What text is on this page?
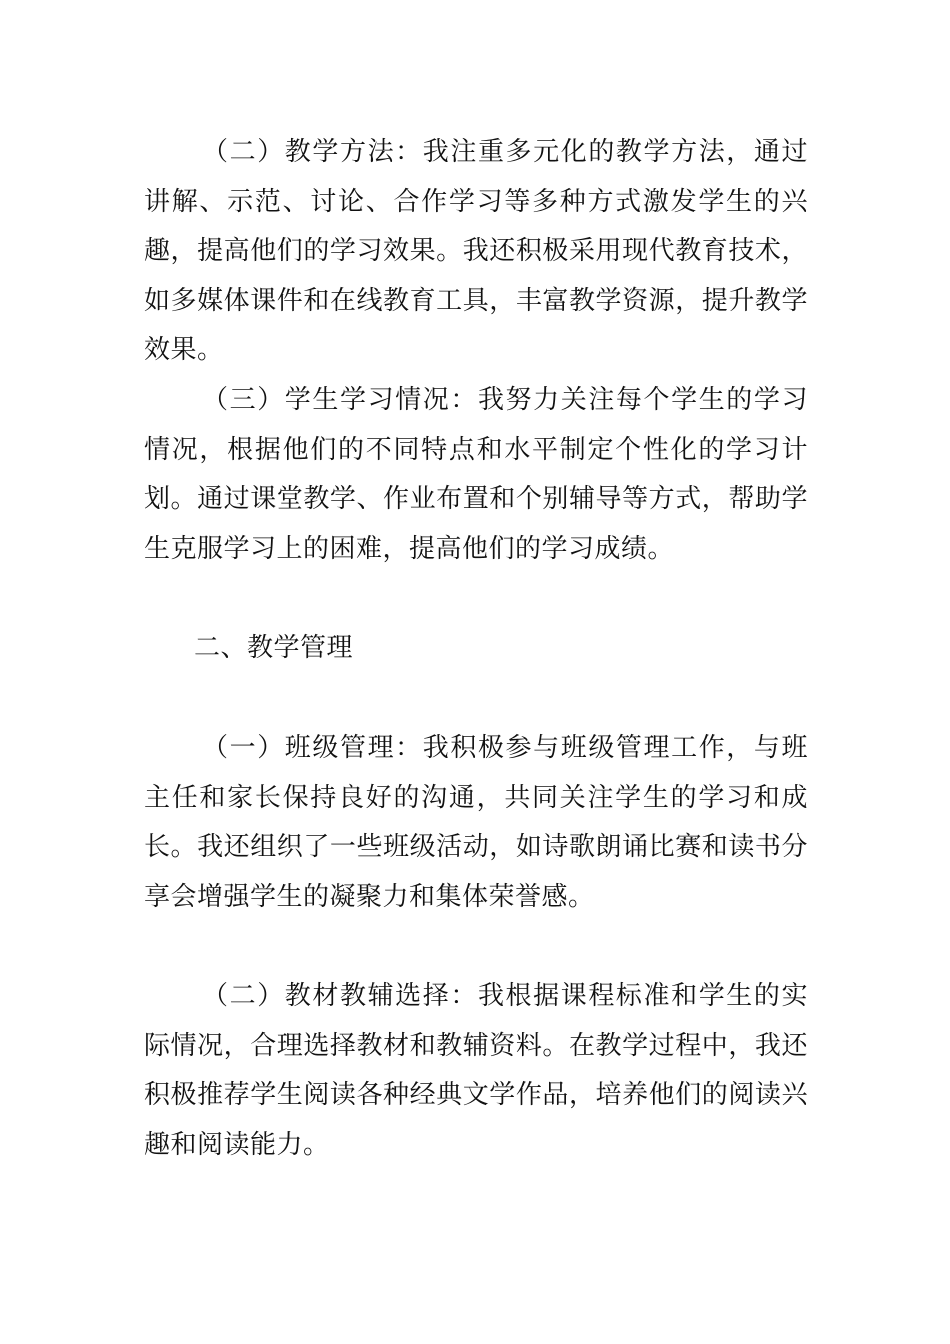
（二）教学方法：我注重多元化的教学方法，通过讲解、示范、讨论、合作学习等多种方式激发学生的兴趣，提高他们的学习效果。我还积极采用现代教育技术，如多媒体课件和在线教育工具，丰富教学资源，提升教学效果。

（三）学生学习情况：我努力关注每个学生的学习情况，根据他们的不同特点和水平制定个性化的学习计划。通过课堂教学、作业布置和个别辅导等方式，帮助学生克服学习上的困难，提高他们的学习成绩。

二、教学管理

（一）班级管理：我积极参与班级管理工作，与班主任和家长保持良好的沟通，共同关注学生的学习和成长。我还组织了一些班级活动，如诗歌朗诵比赛和读书分享会增强学生的凝聚力和集体荣誉感。

（二）教材教辅选择：我根据课程标准和学生的实际情况，合理选择教材和教辅资料。在教学过程中，我还积极推荐学生阅读各种经典文学作品，培养他们的阅读兴趣和阅读能力。
